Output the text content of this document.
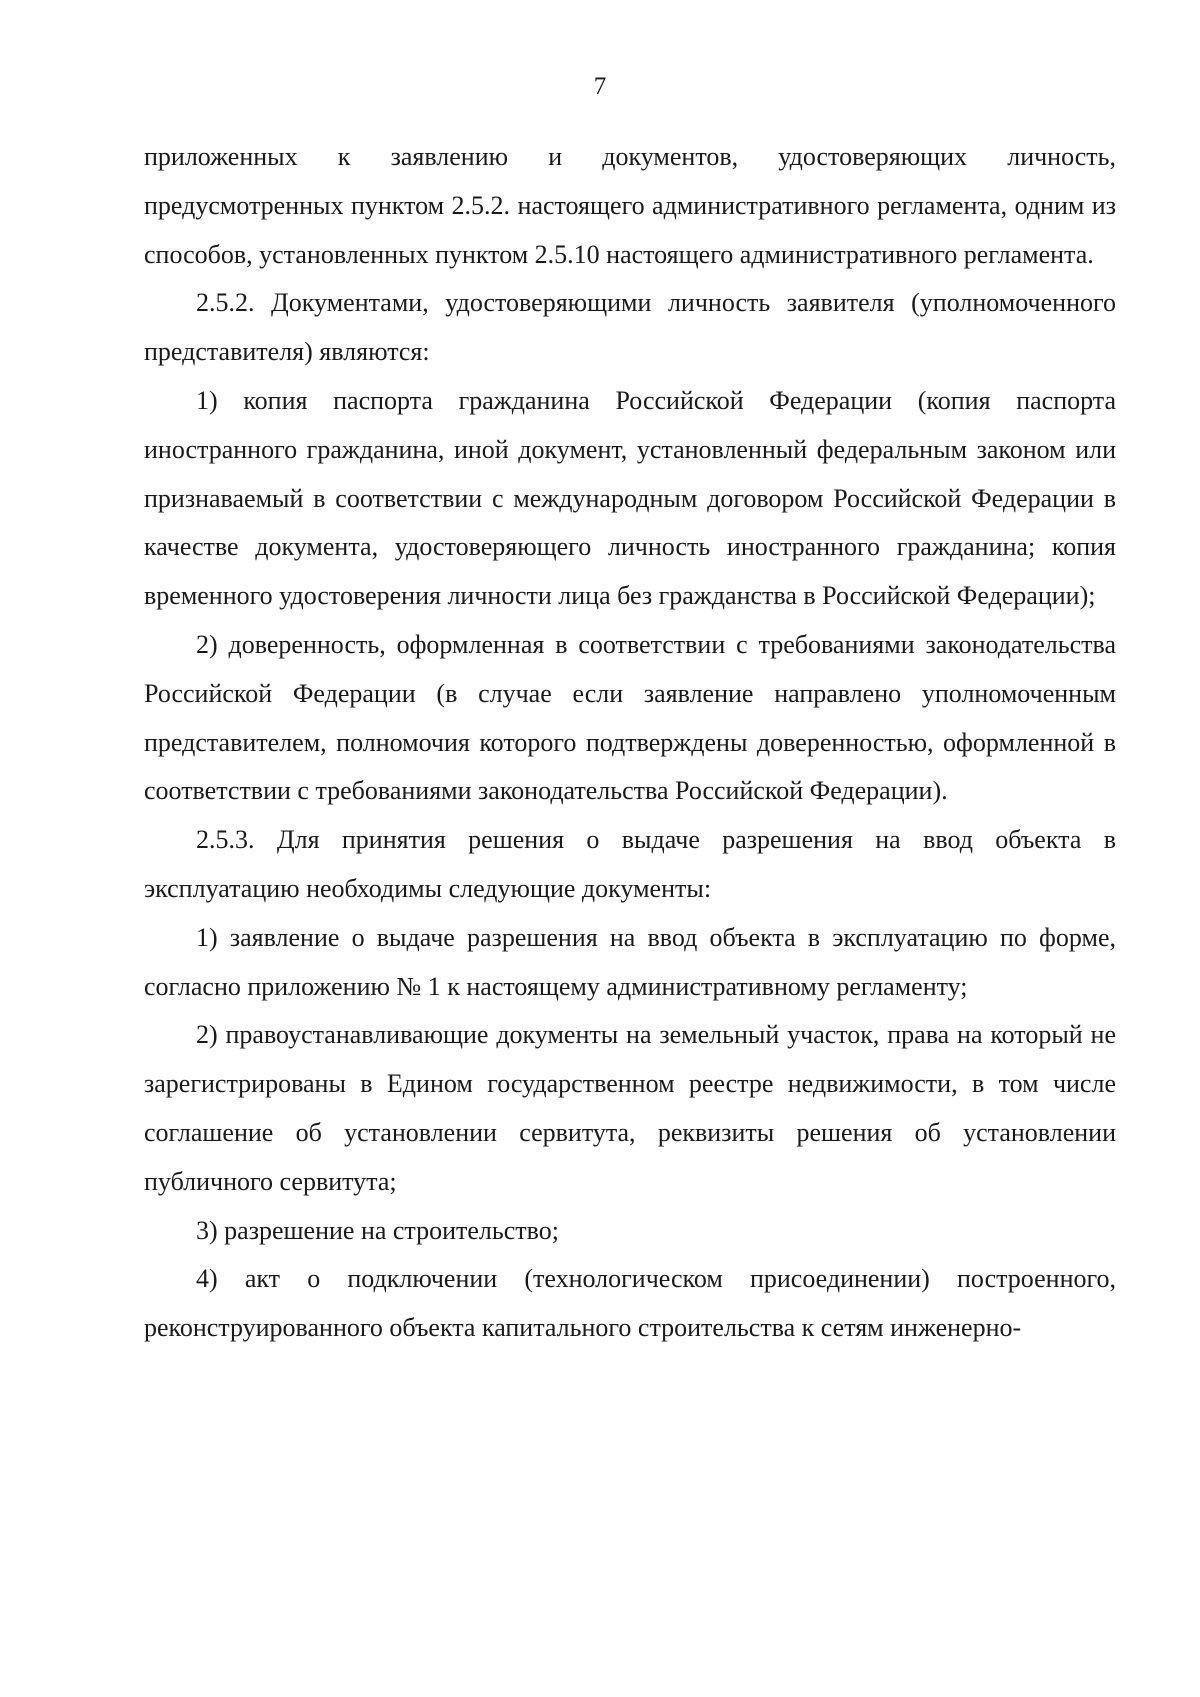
7

приложенных к заявлению и документов, удостоверяющих личность, предусмотренных пунктом 2.5.2. настоящего административного регламента, одним из способов, установленных пунктом 2.5.10 настоящего административного регламента.

2.5.2. Документами, удостоверяющими личность заявителя (уполномоченного представителя) являются:

1) копия паспорта гражданина Российской Федерации (копия паспорта иностранного гражданина, иной документ, установленный федеральным законом или признаваемый в соответствии с международным договором Российской Федерации в качестве документа, удостоверяющего личность иностранного гражданина; копия временного удостоверения личности лица без гражданства в Российской Федерации);

2) доверенность, оформленная в соответствии с требованиями законодательства Российской Федерации (в случае если заявление направлено уполномоченным представителем, полномочия которого подтверждены доверенностью, оформленной в соответствии с требованиями законодательства Российской Федерации).

2.5.3. Для принятия решения о выдаче разрешения на ввод объекта в эксплуатацию необходимы следующие документы:

1) заявление о выдаче разрешения на ввод объекта в эксплуатацию по форме, согласно приложению № 1 к настоящему административному регламенту;

2) правоустанавливающие документы на земельный участок, права на который не зарегистрированы в Едином государственном реестре недвижимости, в том числе соглашение об установлении сервитута, реквизиты решения об установлении публичного сервитута;

3) разрешение на строительство;

4) акт о подключении (технологическом присоединении) построенного, реконструированного объекта капитального строительства к сетям инженерно-
